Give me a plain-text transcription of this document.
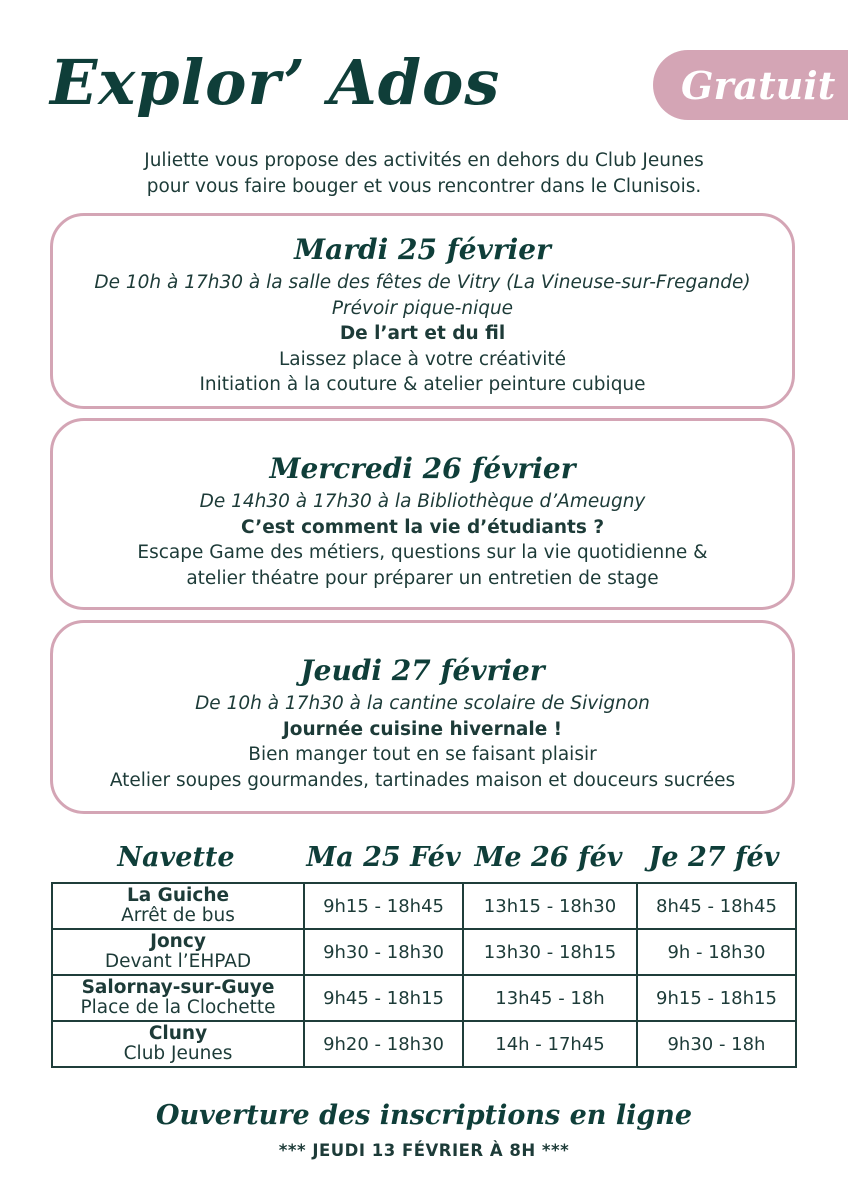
Explor’ Ados	Gratuit
Juliette vous propose des activités en dehors du Club Jeunes
pour vous faire bouger et vous rencontrer dans le Clunisois.
Mardi 25 février
De 10h à 17h30 à la salle des fêtes de Vitry (La Vineuse-sur-Fregande)
Prévoir pique-nique
De l’art et du fil
Laissez place à votre créativité
Initiation à la couture & atelier peinture cubique
Mercredi 26 février
De 14h30 à 17h30 à la Bibliothèque d’Ameugny
C’est comment la vie d’étudiants ?
Escape Game des métiers, questions sur la vie quotidienne &
atelier théatre pour préparer un entretien de stage
Jeudi 27 février
De 10h à 17h30 à la cantine scolaire de Sivignon
Journée cuisine hivernale !
Bien manger tout en se faisant plaisir
Atelier soupes gourmandes, tartinades maison et douceurs sucrées
Navette	Ma 25 Fév Me 26 fév Je 27 fév
La Guiche
Arrêt de bus	9h15 - 18h45	13h15 - 18h30	8h45 - 18h45

Joncy
Devant l’EHPAD	9h30 - 18h30	13h30 - 18h15	9h - 18h30

Salornay-sur-Guye
Place de la Clochette	9h45 - 18h15	13h45 - 18h	9h15 - 18h15

Cluny
Club Jeunes	9h20 - 18h30	14h - 17h45	9h30 - 18h
Ouverture des inscriptions en ligne
*** JEUDI 13 FÉVRIER À 8H ***
